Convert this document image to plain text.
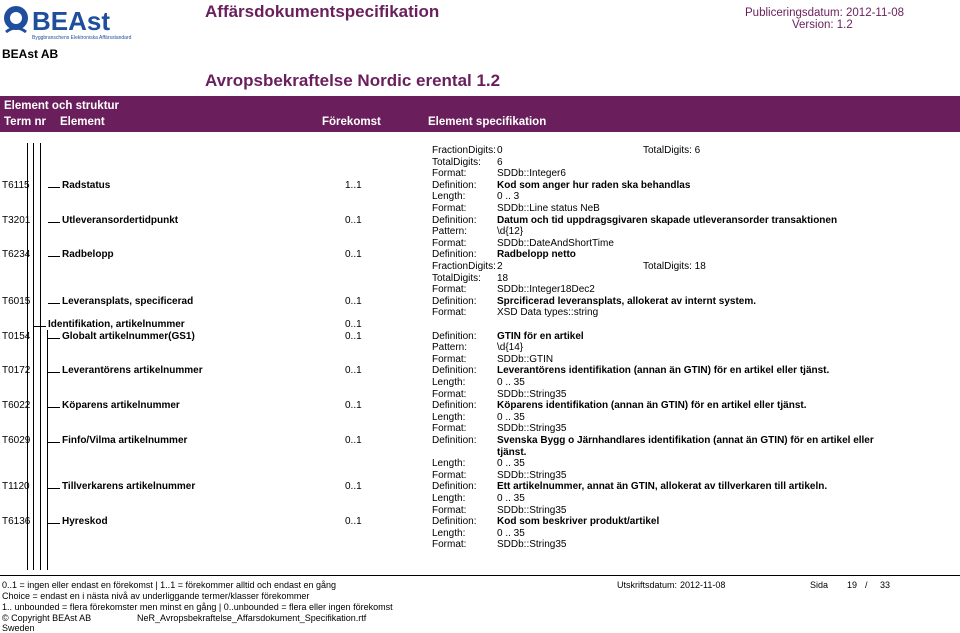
BEAst
Byggbranschens Elektroniska Affärsstandard
Affärsdokumentspecifikation	Publiceringsdatum: 2012-11-08
Version: 1.2
BEAst AB
Avropsbekraftelse Nordic erental 1.2
Element och struktur
Term nr Element	Förekomst	Element specifikation
FractionDigits: 0	TotalDigits: 6
TotalDigits: 6
Format:	SDDb::Integer6
T6115	Radstatus	1..1	Definition: Kod som anger hur raden ska behandlas
Length:	0 .. 3
Format:	SDDb::Line status NeB
T3201	Utleveransordertidpunkt	0..1	Definition: Datum och tid uppdragsgivaren skapade utleveransorder transaktionen
Pattern:	\d{12}
Format:	SDDb::DateAndShortTime
T6234	Radbelopp	0..1	Definition: Radbelopp netto
FractionDigits: 2	TotalDigits: 18
TotalDigits: 18
Format:	SDDb::Integer18Dec2
T6015	Leveransplats, specificerad	0..1	Definition: Sprcificerad leveransplats, allokerat av internt system.
Format:	XSD Data types::string
Identifikation, artikelnummer	0..1
T0154	Globalt artikelnummer(GS1)	0..1	Definition: GTIN för en artikel
Pattern:	\d{14}
Format:	SDDb::GTIN
T0172	Leverantörens artikelnummer	0..1	Definition: Leverantörens identifikation (annan än GTIN) för en artikel eller tjänst.
Length:	0 .. 35
Format:	SDDb::String35
T6022	Köparens artikelnummer	0..1	Definition: Köparens identifikation (annan än GTIN) för en artikel eller tjänst.
Length:	0 .. 35
Format:	SDDb::String35
T6029	Finfo/Vilma artikelnummer	0..1	Definition: Svenska Bygg o Järnhandlares identifikation (annat än GTIN) för en artikel eller
tjänst.
Length:	0 .. 35
Format:	SDDb::String35
T1120	Tillverkarens artikelnummer	0..1	Definition: Ett artikelnummer, annat än GTIN, allokerat av tillverkaren till artikeln.
Length:	0 .. 35
Format:	SDDb::String35
T6136	Hyreskod	0..1	Definition: Kod som beskriver produkt/artikel
Length:	0 .. 35
Format:	SDDb::String35
0..1 = ingen eller endast en förekomst | 1..1 = förekommer alltid och endast en gång
Choice = endast en i nästa nivå av underliggande termer/klasser förekommer
1.. unbounded = flera förekomster men minst en gång | 0..unbounded = flera eller ingen förekomst
© Copyright BEAst AB
Sweden
NeR_Avropsbekraftelse_Affarsdokument_Specifikation.rtf
Utskriftsdatum: 2012-11-08	Sida 19 / 33
